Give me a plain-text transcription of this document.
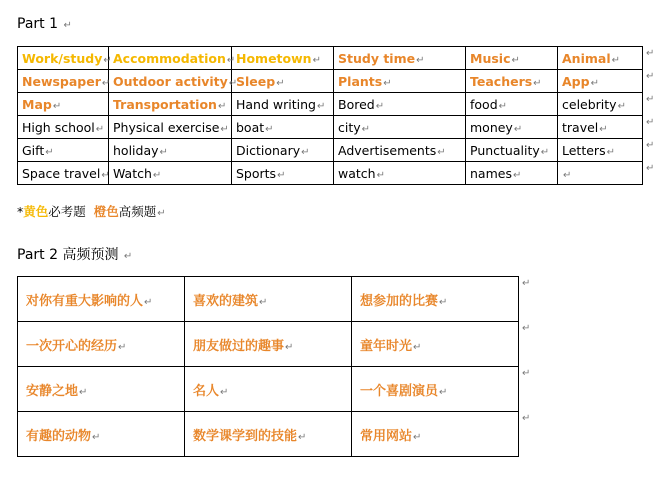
Part 1 ↵
Work/study↵	Accommodation↵	Hometown↵	Study time↵	Music↵	Animal↵
Newspaper↵	Outdoor activity↵	Sleep↵	Plants↵	Teachers↵	App↵
Map↵	Transportation↵	Hand writing↵	Bored↵	food↵	celebrity↵
High school↵	Physical exercise↵	boat↵	city↵	money↵	travel↵
Gift↵	holiday↵	Dictionary↵	Advertisements↵	Punctuality↵	Letters↵
Space travel↵	Watch↵	Sports↵	watch↵	names↵	↵
*黄色必考题 橙色高频题↵
Part 2 高频预测 ↵
对你有重大影响的人↵	喜欢的建筑↵	想参加的比赛↵
一次开心的经历↵	朋友做过的趣事↵	童年时光↵
安静之地↵	名人↵	一个喜剧演员↵
有趣的动物↵	数学课学到的技能↵	常用网站↵
↵
↵
↵
↵
↵
↵
↵
↵
↵
↵
